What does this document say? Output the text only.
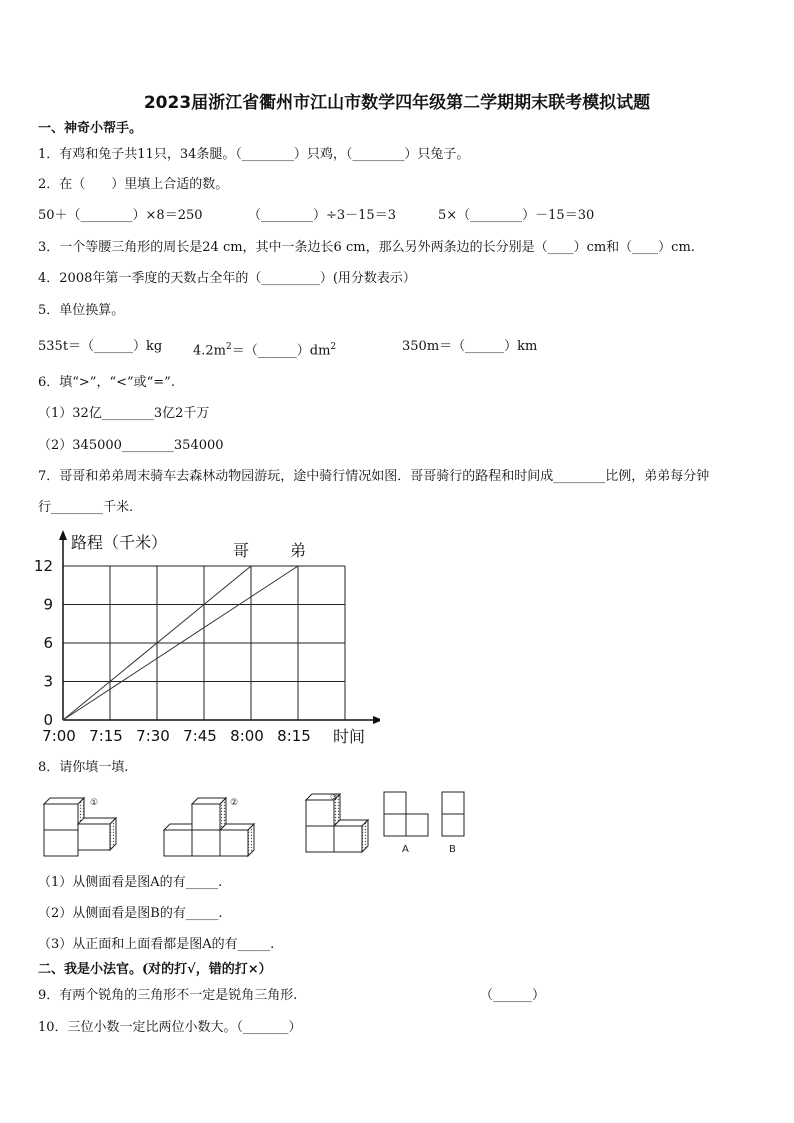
2023届浙江省衢州市江山市数学四年级第二学期期末联考模拟试题
一、神奇小帮手。
1．有鸡和兔子共11只，34条腿。（________）只鸡，（________）只兔子。
2．在（　　）里填上合适的数。
50＋（________）×8＝250	（________）÷3－15＝3	5×（________）－15＝30
3．一个等腰三角形的周长是24 cm，其中一条边长6 cm，那么另外两条边的长分别是（____）cm和（____）cm.
4．2008年第一季度的天数占全年的（_________）(用分数表示）
5．单位换算。
535t＝（______）kg $4.2m^2=(\_\_\_\_\_\_)dm^2$	350m＝（______）km
6．填“>”，“<”或“=”.
（1）32亿________3亿2千万
（2）345000________354000
7．哥哥和弟弟周末骑车去森林动物园游玩，途中骑行情况如图．哥哥骑行的路程和时间成________比例，弟弟每分钟
行________千米.
0
3
6
9
12
7:00 7:15 7:30 7:45 8:00 8:15
路程（千米）
时间
哥 弟
8．请你填一填.
①	②	③
A	B
（1）从侧面看是图A的有_____.
（2）从侧面看是图B的有_____.
（3）从正面和上面看都是图A的有_____.
二、我是小法官。(对的打√，错的打×）
9．有两个锐角的三角形不一定是锐角三角形.	（______）
10．三位小数一定比两位小数大。（_______）
